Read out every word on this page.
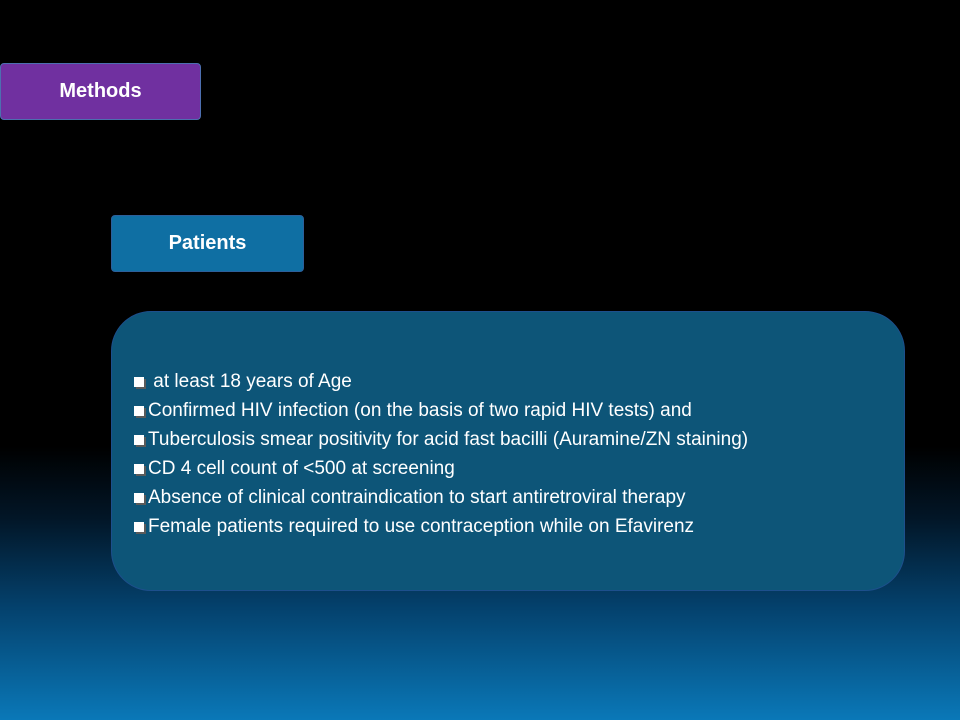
Methods
Patients
at least 18 years of Age
Confirmed HIV infection (on the basis of two rapid HIV tests) and
Tuberculosis smear positivity for acid fast bacilli (Auramine/ZN staining)
CD 4 cell count of <500 at screening
Absence of clinical contraindication to start antiretroviral therapy
Female patients required to use contraception while on Efavirenz
